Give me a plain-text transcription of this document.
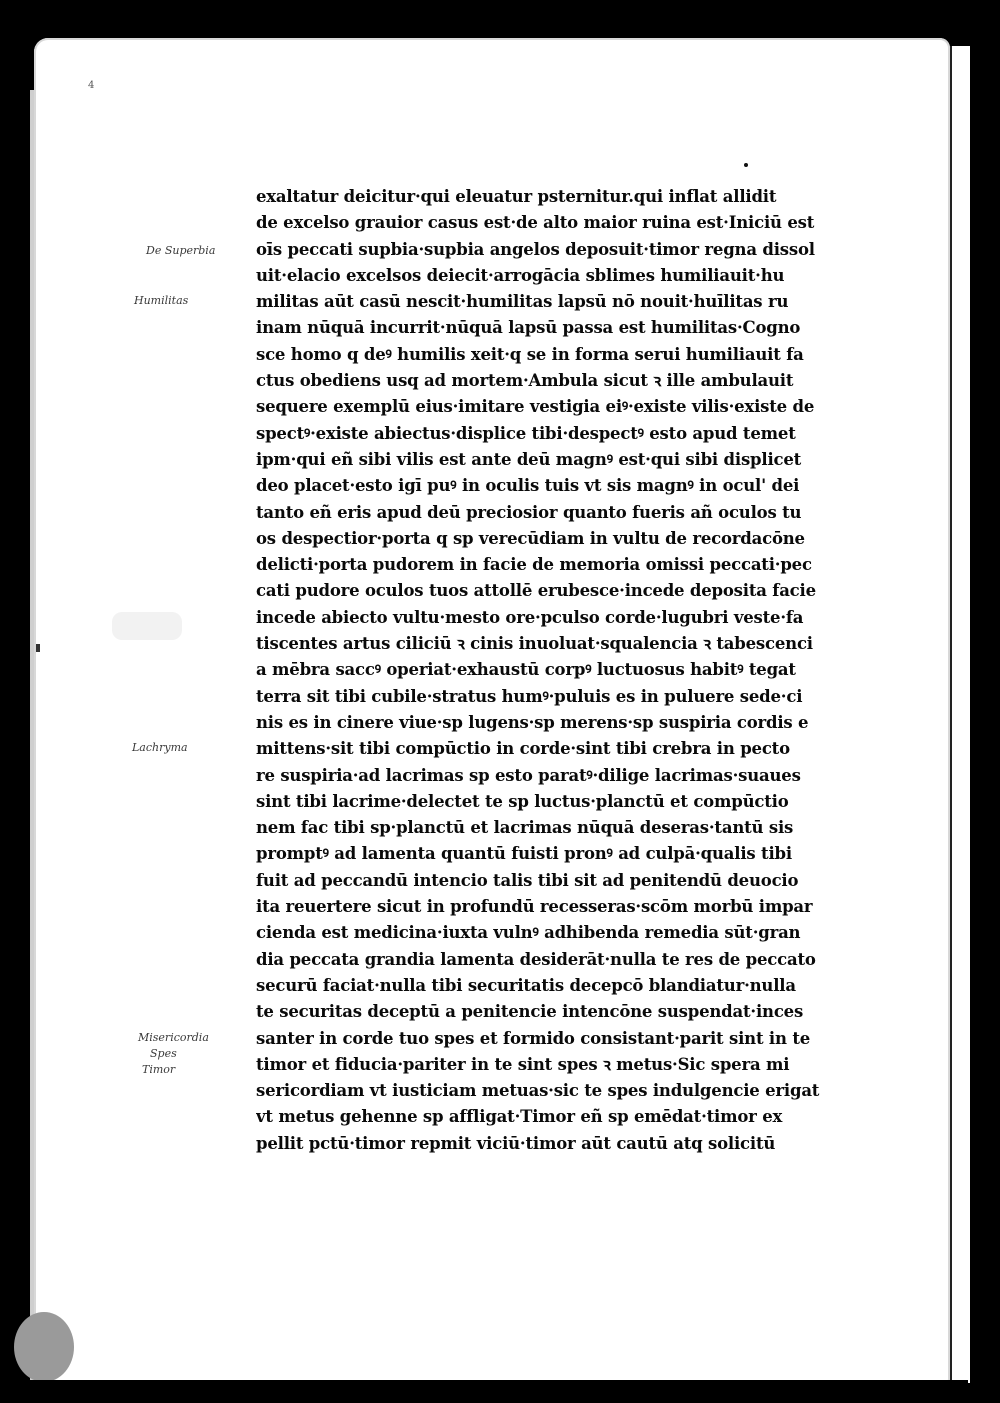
4
De Superbia
Humilitas
Lachryma
Misericordia
Spes
Timor
exaltatur deicitur·qui eleuatur psternitur.qui inflat allidit
de excelso grauior casus est·de alto maior ruina est·Iniciū est
oīs peccati supbia·supbia angelos deposuit·timor regna dissol
uit·elacio excelsos deiecit·arrogācia sblimes humiliauit·hu
militas aūt casū nescit·humilitas lapsū nō nouit·huīlitas ru
inam nūquā incurrit·nūquā lapsū passa est humilitas·Cogno
sce homo q deꝰ humilis xeit·q se in forma serui humiliauit fa
ctus obediens usq ad mortem·Ambula sicut ꝛ ille ambulauit
sequere exemplū eius·imitare vestigia eiꝰ·existe vilis·existe de
spectꝰ·existe abiectus·displice tibi·despectꝰ esto apud temet
ipm·qui eñ sibi vilis est ante deū magnꝰ est·qui sibi displicet
deo placet·esto igī puꝰ in oculis tuis vt sis magnꝰ in ocul' dei
tanto eñ eris apud deū preciosior quanto fueris añ oculos tu
os despectior·porta q sp verecūdiam in vultu de recordacōne
delicti·porta pudorem in facie de memoria omissi peccati·pec
cati pudore oculos tuos attollē erubesce·incede deposita facie
incede abiecto vultu·mesto ore·pculso corde·lugubri veste·fa
tiscentes artus ciliciū ꝛ cinis inuoluat·squalencia ꝛ tabescenci
a mēbra saccꝰ operiat·exhaustū corpꝰ luctuosus habitꝰ tegat
terra sit tibi cubile·stratus humꝰ·puluis es in puluere sede·ci
nis es in cinere viue·sp lugens·sp merens·sp suspiria cordis e
mittens·sit tibi compūctio in corde·sint tibi crebra in pecto
re suspiria·ad lacrimas sp esto paratꝰ·dilige lacrimas·suaues
sint tibi lacrime·delectet te sp luctus·planctū et compūctio
nem fac tibi sp·planctū et lacrimas nūquā deseras·tantū sis
promptꝰ ad lamenta quantū fuisti pronꝰ ad culpā·qualis tibi
fuit ad peccandū intencio talis tibi sit ad penitendū deuocio
ita reuertere sicut in profundū recesseras·scōm morbū impar
cienda est medicina·iuxta vulnꝰ adhibenda remedia sūt·gran
dia peccata grandia lamenta desiderāt·nulla te res de peccato
securū faciat·nulla tibi securitatis decepcō blandiatur·nulla
te securitas deceptū a penitencie intencōne suspendat·inces
santer in corde tuo spes et formido consistant·parit sint in te
timor et fiducia·pariter in te sint spes ꝛ metus·Sic spera mi
sericordiam vt iusticiam metuas·sic te spes indulgencie erigat
vt metus gehenne sp affligat·Timor eñ sp emēdat·timor ex
pellit pctū·timor repmit viciū·timor aūt cautū atq solicitū
